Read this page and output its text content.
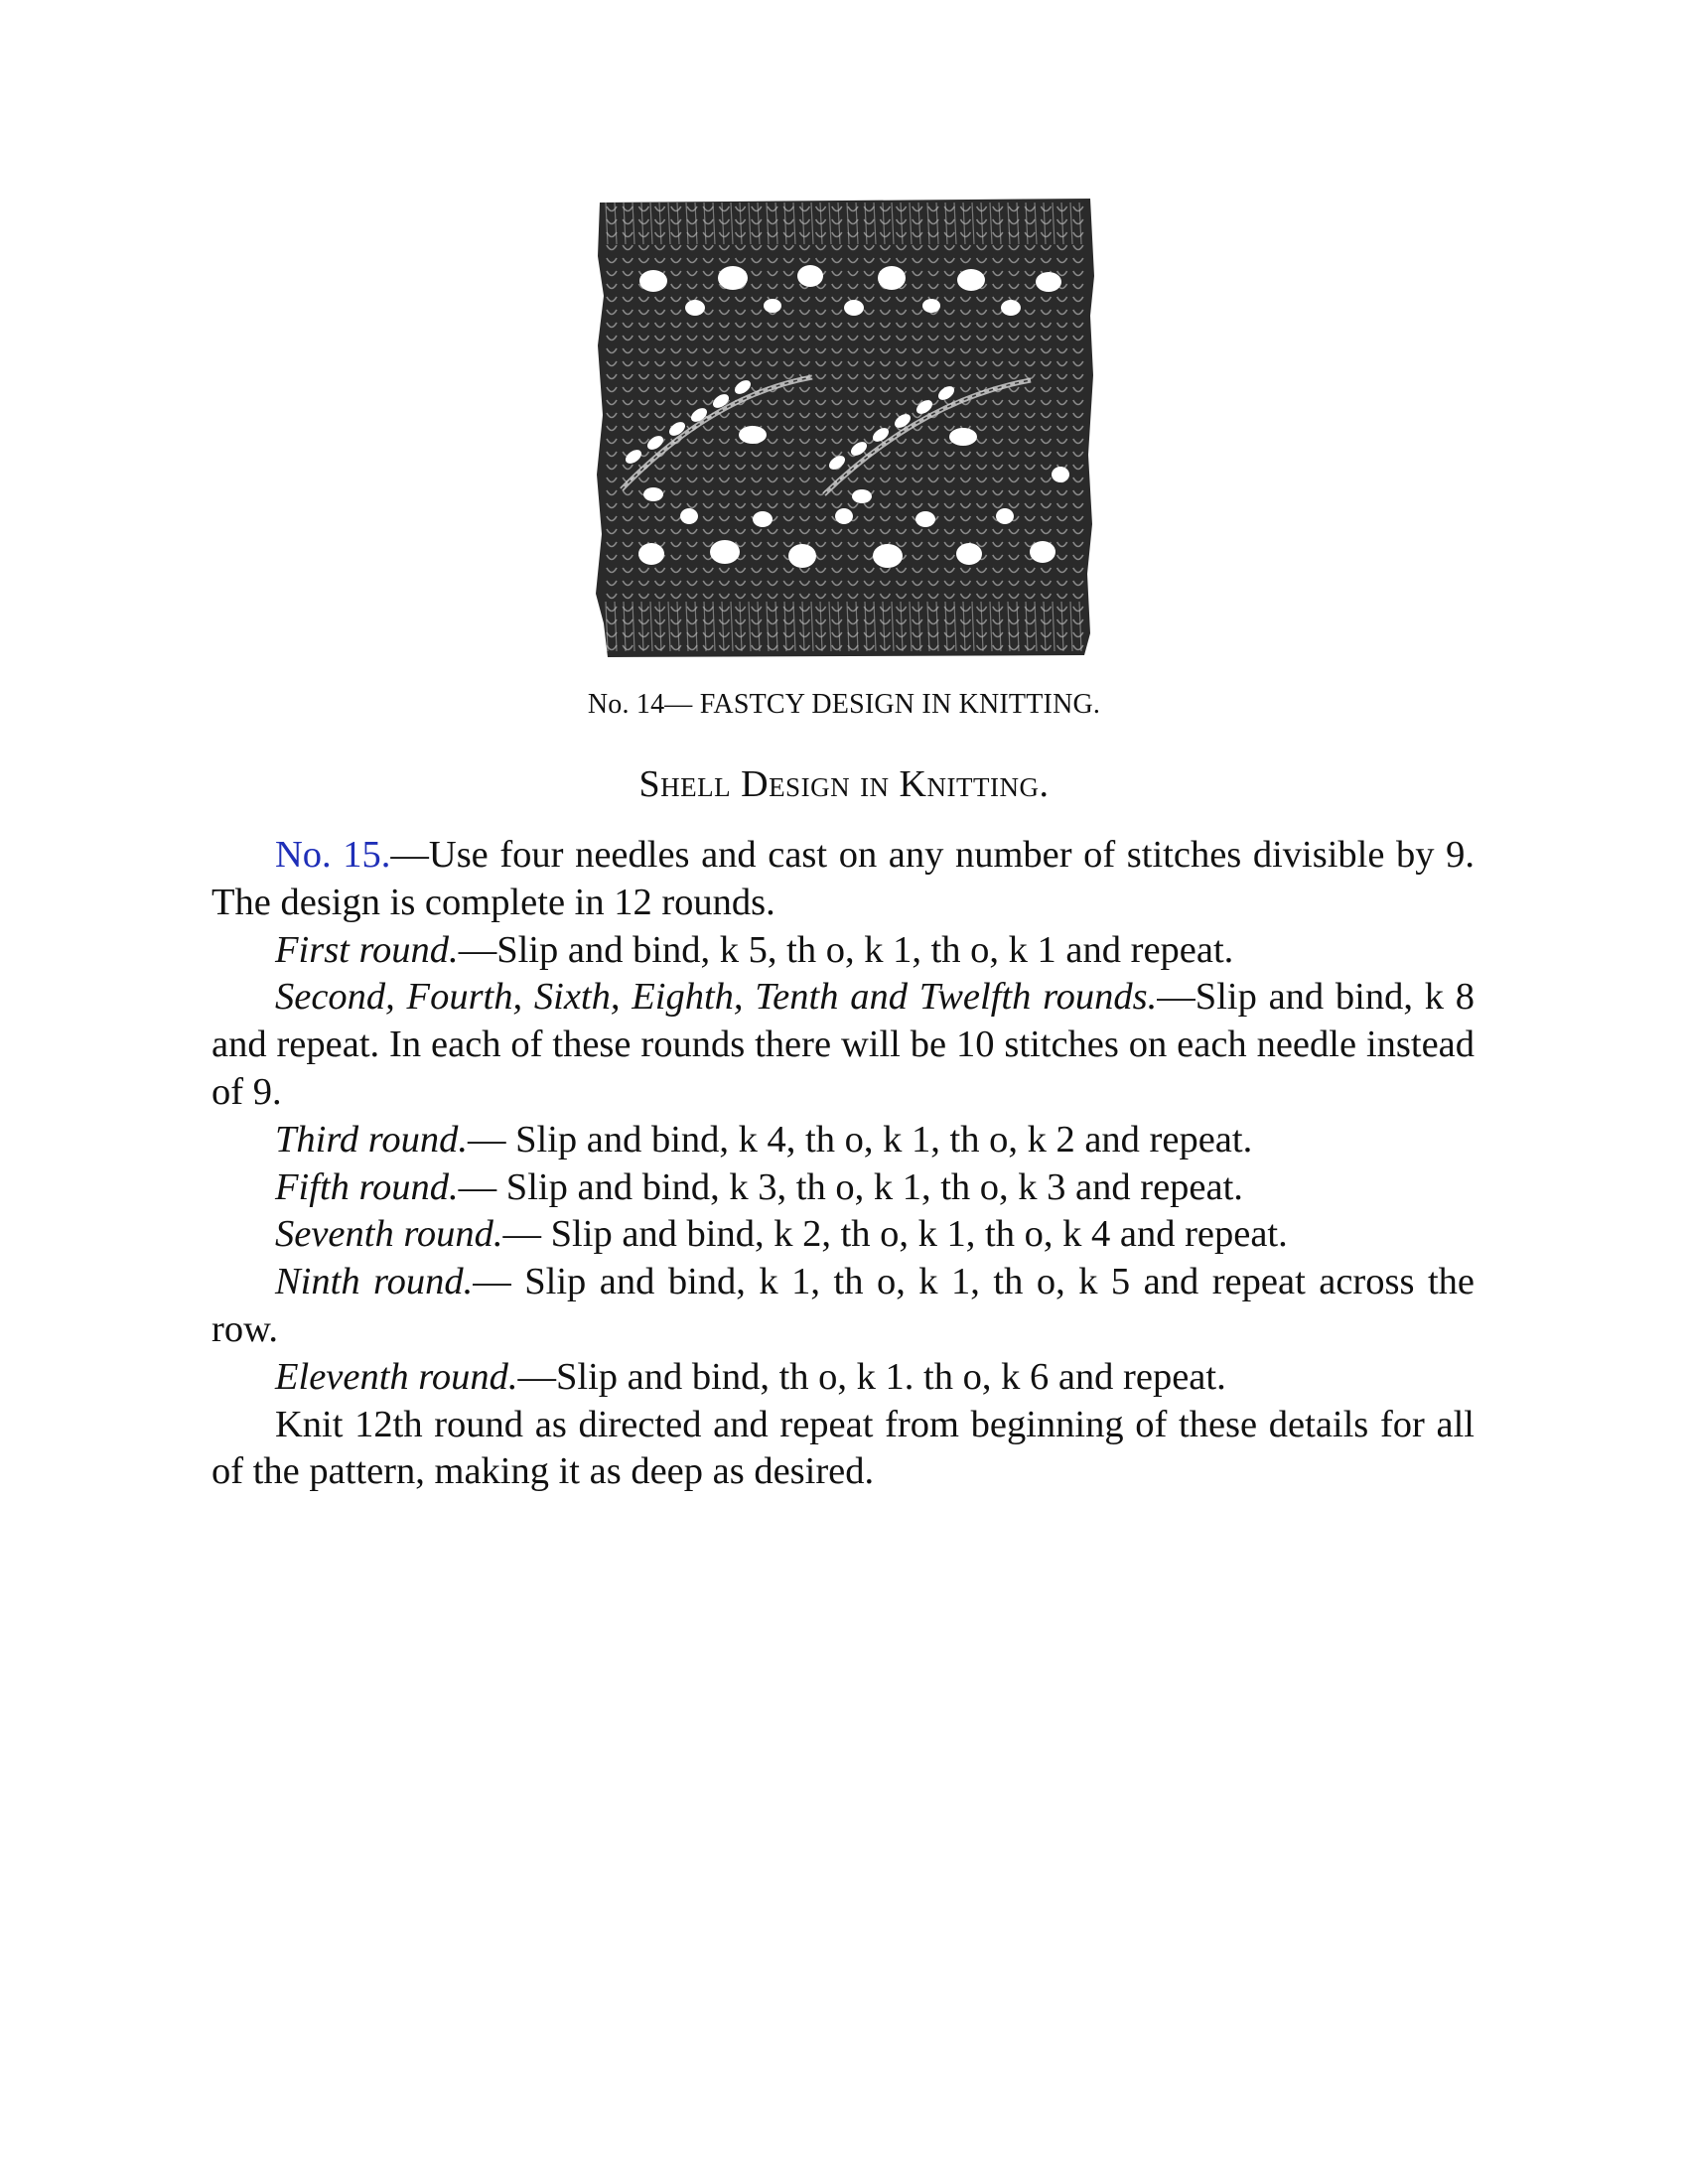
No. 14— FASTCY DESIGN IN KNITTING.
Shell Design in Knitting.

No. 15.—Use four needles and cast on any number of stitches divisible by 9. The design is complete in 12 rounds.

First round.—Slip and bind, k 5, th o, k 1, th o, k 1 and repeat.

Second, Fourth, Sixth, Eighth, Tenth and Twelfth rounds.—Slip and bind, k 8 and repeat. In each of these rounds there will be 10 stitches on each needle instead of 9.

Third round.— Slip and bind, k 4, th o, k 1, th o, k 2 and repeat.

Fifth round.— Slip and bind, k 3, th o, k 1, th o, k 3 and repeat.

Seventh round.— Slip and bind, k 2, th o, k 1, th o, k 4 and repeat.

Ninth round.— Slip and bind, k 1, th o, k 1, th o, k 5 and repeat across the row.

Eleventh round.—Slip and bind, th o, k 1. th o, k 6 and repeat.

Knit 12th round as directed and repeat from beginning of these details for all of the pattern, making it as deep as desired.
